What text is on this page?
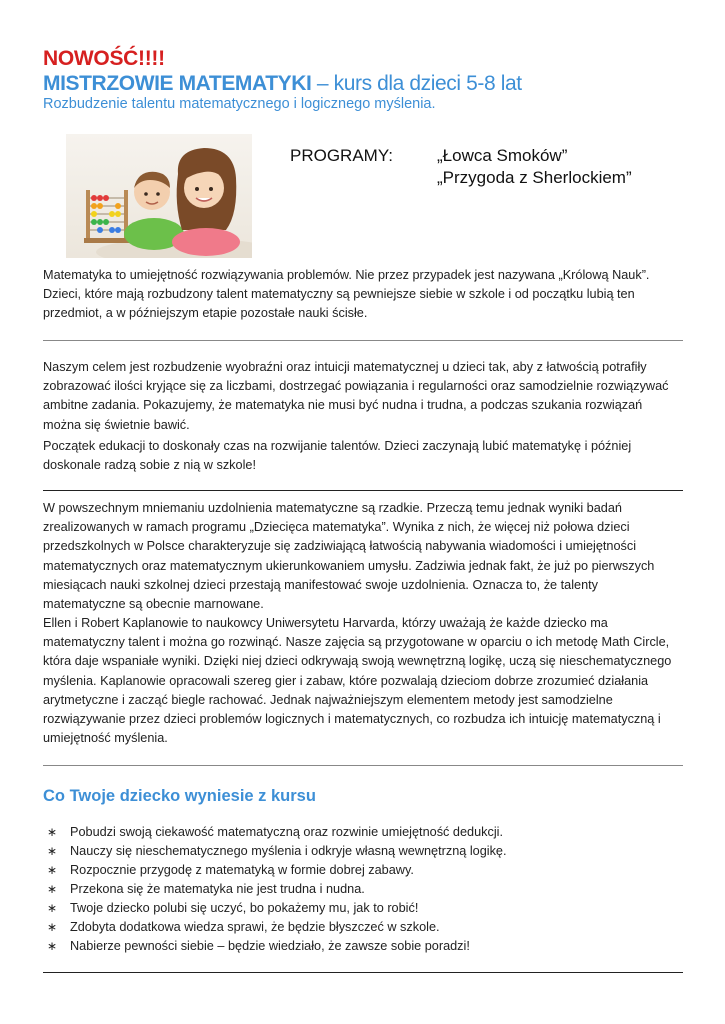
NOWOŚĆ!!!!
MISTRZOWIE MATEMATYKI – kurs dla dzieci 5-8 lat
Rozbudzenie talentu matematycznego i logicznego myślenia.
PROGRAMY:	„Łowca Smoków”
„Przygoda z Sherlockiem”

Matematyka to umiejętność rozwiązywania problemów. Nie przez przypadek jest nazywana „Królową Nauk”. Dzieci, które mają rozbudzony talent matematyczny są pewniejsze siebie w szkole i od początku lubią ten przedmiot, a w późniejszym etapie pozostałe nauki ścisłe.

Naszym celem jest rozbudzenie wyobraźni oraz intuicji matematycznej u dzieci tak, aby z łatwością potrafiły zobrazować ilości kryjące się za liczbami, dostrzegać powiązania i regularności oraz samodzielnie rozwiązywać ambitne zadania. Pokazujemy, że matematyka nie musi być nudna i trudna, a podczas szukania rozwiązań można się świetnie bawić.

Początek edukacji to doskonały czas na rozwijanie talentów. Dzieci zaczynają lubić matematykę i później doskonale radzą sobie z nią w szkole!

W powszechnym mniemaniu uzdolnienia matematyczne są rzadkie. Przeczą temu jednak wyniki badań zrealizowanych w ramach programu „Dziecięca matematyka”. Wynika z nich, że więcej niż połowa dzieci przedszkolnych w Polsce charakteryzuje się zadziwiającą łatwością nabywania wiadomości i umiejętności matematycznych oraz matematycznym ukierunkowaniem umysłu. Zadziwia jednak fakt, że już po pierwszych miesiącach nauki szkolnej dzieci przestają manifestować swoje uzdolnienia. Oznacza to, że talenty matematyczne są obecnie marnowane.

Ellen i Robert Kaplanowie to naukowcy Uniwersytetu Harvarda, którzy uważają że każde dziecko ma matematyczny talent i można go rozwinąć. Nasze zajęcia są przygotowane w oparciu o ich metodę Math Circle, która daje wspaniałe wyniki. Dzięki niej dzieci odkrywają swoją wewnętrzną logikę, uczą się nieschematycznego myślenia. Kaplanowie opracowali szereg gier i zabaw, które pozwalają dzieciom dobrze zrozumieć działania arytmetyczne i zacząć biegle rachować. Jednak najważniejszym elementem metody jest samodzielne rozwiązywanie przez dzieci problemów logicznych i matematycznych, co rozbudza ich intuicję matematyczną i umiejętność myślenia.

Co Twoje dziecko wyniesie z kursu
∗ Pobudzi swoją ciekawość matematyczną oraz rozwinie umiejętność dedukcji.
∗ Nauczy się nieschematycznego myślenia i odkryje własną wewnętrzną logikę.
∗ Rozpocznie przygodę z matematyką w formie dobrej zabawy.
∗ Przekona się że matematyka nie jest trudna i nudna.
∗ Twoje dziecko polubi się uczyć, bo pokażemy mu, jak to robić!
∗ Zdobyta dodatkowa wiedza sprawi, że będzie błyszczeć w szkole.
∗ Nabierze pewności siebie – będzie wiedziało, że zawsze sobie poradzi!
